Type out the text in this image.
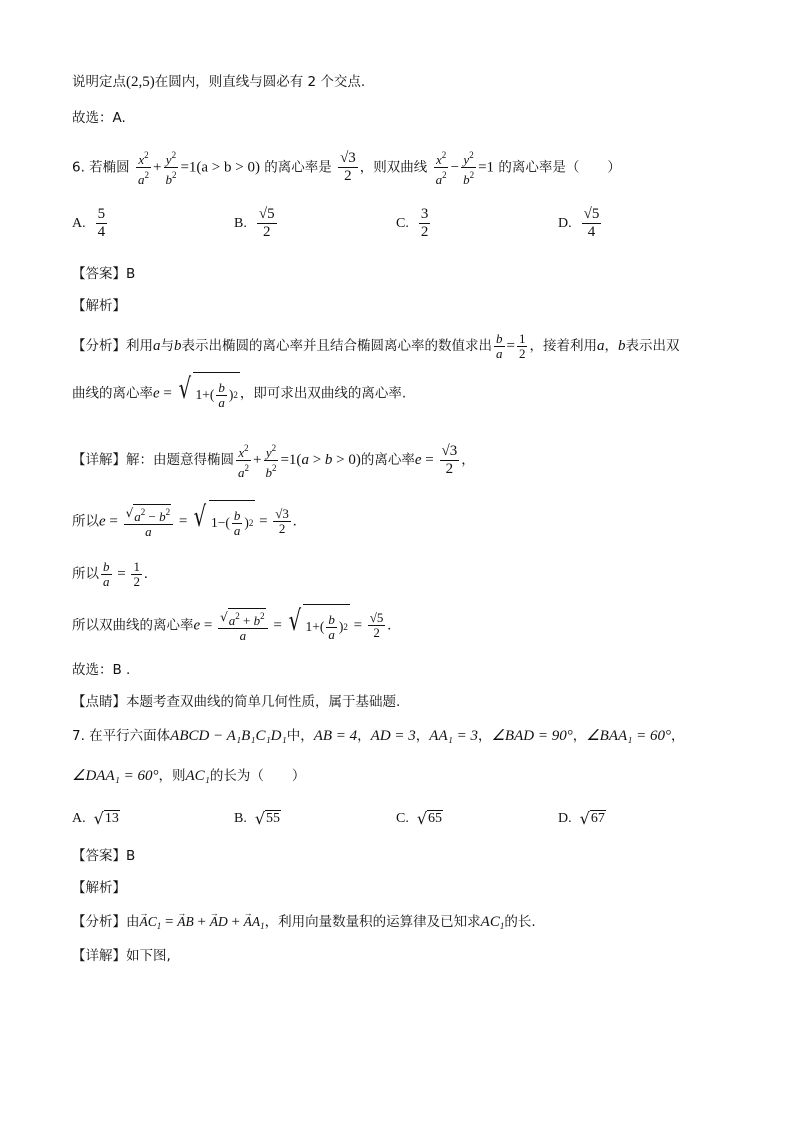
说明定点(2,5)在圆内，则直线与圆必有 2 个交点.
故选：A.
6. 若椭圆 $\frac{x^2}{a^2} + \frac{y^2}{b^2} =1(a > b > 0)$ 的离心率是 $\frac{√3}{2}$ ，则双曲线 $\frac{x^2}{a^2} - \frac{y^2}{b^2} =1$ 的离心率是（ ）
A. $\frac{5}{4}$	B. $\frac{√5}{2}$	C. $\frac{3}{2}$	D. $\frac{√5}{4}$
【答案】B
【解析】
【分析】利用a与b表示出椭圆的离心率并且结合椭圆离心率的数值求出 $\frac{b}{a} = \frac{1}{2}$ ，接着利用a，b表示出双
曲线的离心率e = √ $1+( \frac{b}{a}$ ) 2 ，即可求出双曲线的离心率.
【详解】解：由题意得椭圆 $\frac{x^2}{a^2} + \frac{y^2}{b^2} =1(a > b > 0)$的离心率$e = \frac{√3}{2}$ ，
所以$e = \frac{√ a^2 - b^2}{a}$ = √ $1-( \frac{b}{a}$ ) $2 = \frac{√3}{2}$ .
所以 $\frac{b}{a} = \frac{1}{2}$ .
所以双曲线的离心率$e = \frac{√ a^2 + b^2}{a}$ = √ $1+( \frac{b}{a}$ ) $2 = \frac{√5}{2}$ .
故选：B .
【点睛】本题考查双曲线的简单几何性质，属于基础题.
7. 在平行六面体ABCD − A₁B₁C₁D₁中，AB = 4，AD = 3，AA₁ = 3，∠BAD = 90°，∠BAA₁ = 60°，
∠DAA₁ = 60°，则AC₁的长为（ ）
A. √ 13	B. √ 55	C. √ 65	D. √ 67
【答案】B
【解析】
【分析】由→ $AC_1$ = → AB + → AD + → $AA_1$，利用向量数量积的运算律及已知求$AC_1$的长.
【详解】如下图,
